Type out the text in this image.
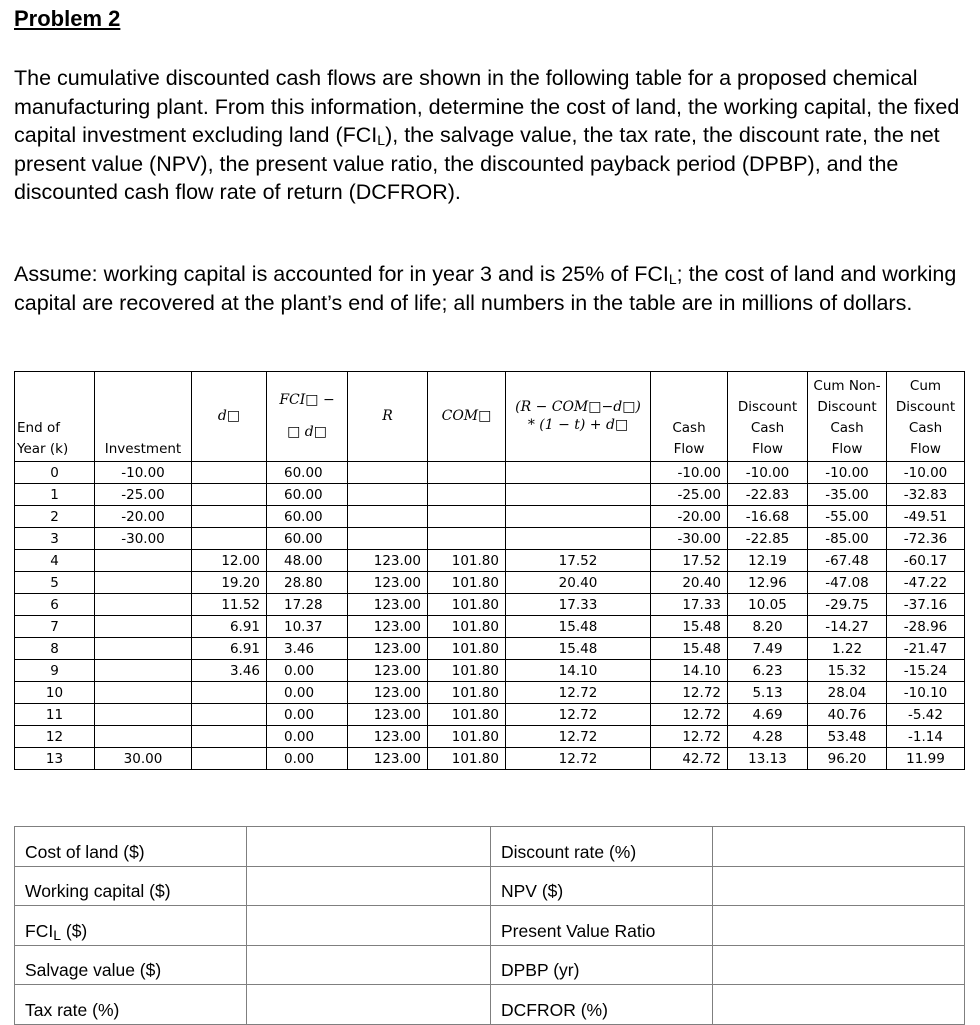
Problem 2
The cumulative discounted cash flows are shown in the following table for a proposed chemical manufacturing plant. From this information, determine the cost of land, the working capital, the fixed capital investment excluding land $(FCI_L)$, the salvage value, the tax rate, the discount rate, the net present value (NPV), the present value ratio, the discounted payback period (DPBP), and the discounted cash flow rate of return (DCFROR).
Assume: working capital is accounted for in year 3 and is 25% of $FCI_L$; the cost of land and working capital are recovered at the plant’s end of life; all numbers in the table are in millions of dollars.
End of
Year (k)	Investment	d□	FCI□ −
□ d□	R	COM□	(R − COM□−d□)
* (1 − t) + d□	Cash
Flow	Discount
Cash
Flow	Cum Non-
Discount
Cash
Flow	Cum
Discount
Cash
Flow
0	-10.00		60.00				-10.00	-10.00	-10.00	-10.00
1	-25.00		60.00				-25.00	-22.83	-35.00	-32.83
2	-20.00		60.00				-20.00	-16.68	-55.00	-49.51
3	-30.00		60.00				-30.00	-22.85	-85.00	-72.36
4		12.00	48.00	123.00	101.80	17.52	17.52	12.19	-67.48	-60.17
5		19.20	28.80	123.00	101.80	20.40	20.40	12.96	-47.08	-47.22
6		11.52	17.28	123.00	101.80	17.33	17.33	10.05	-29.75	-37.16
7		6.91	10.37	123.00	101.80	15.48	15.48	8.20	-14.27	-28.96
8		6.91	3.46	123.00	101.80	15.48	15.48	7.49	1.22	-21.47
9		3.46	0.00	123.00	101.80	14.10	14.10	6.23	15.32	-15.24
10			0.00	123.00	101.80	12.72	12.72	5.13	28.04	-10.10
11			0.00	123.00	101.80	12.72	12.72	4.69	40.76	-5.42
12			0.00	123.00	101.80	12.72	12.72	4.28	53.48	-1.14
13	30.00		0.00	123.00	101.80	12.72	42.72	13.13	96.20	11.99
Cost of land ($)		Discount rate (%)	
Working capital ($)		NPV ($)	
$FCI_L$ ($)		Present Value Ratio	
Salvage value ($)		DPBP (yr)	
Tax rate (%)		DCFROR (%)	
